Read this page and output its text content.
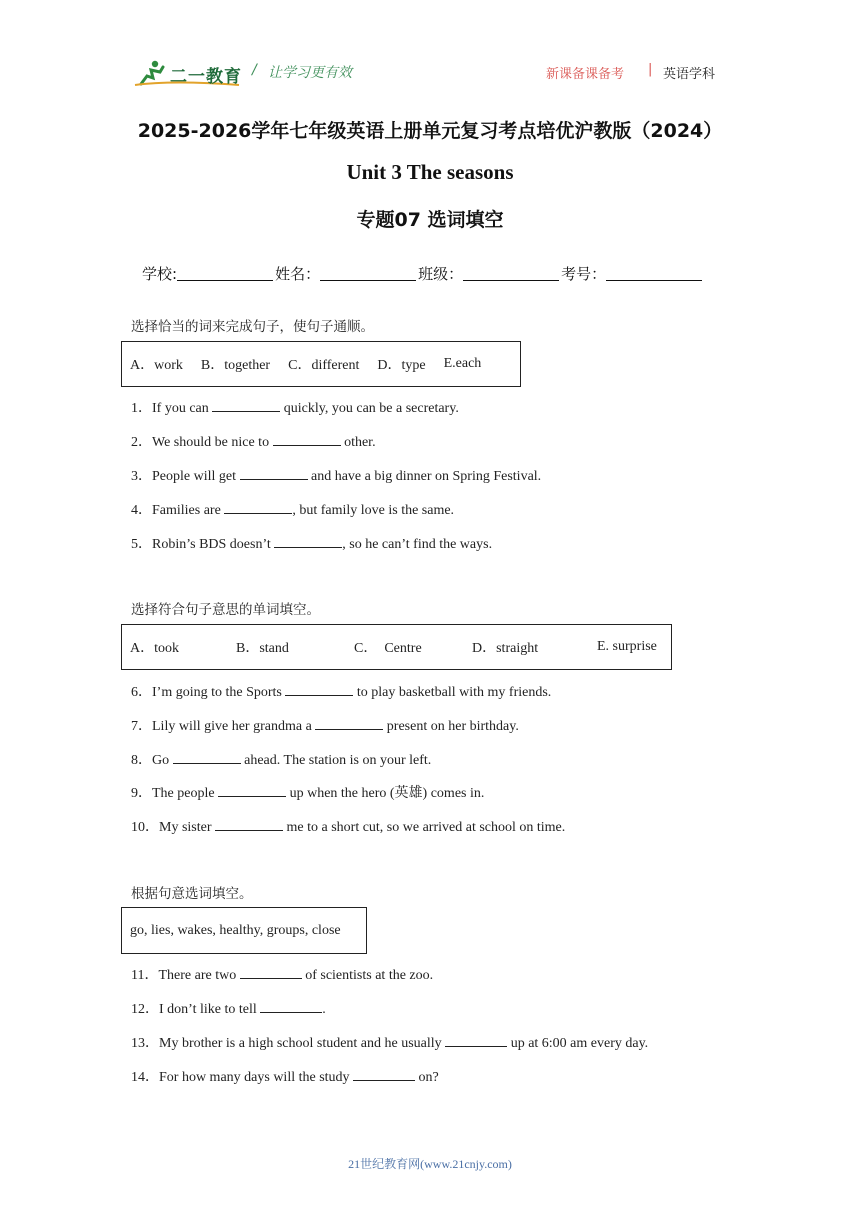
二一教育 / 让学习更有效	新课备课备考 | 英语学科
2025-2026学年七年级英语上册单元复习考点培优沪教版（2024）
Unit 3 The seasons
专题07 选词填空
学校:	姓名：	班级：	考号：
选择恰当的词来完成句子，使句子通顺。
A．work B．together C．different D．type E.each
1．If you can	quickly, you can be a secretary.
2．We should be nice to	other.
3．People will get	and have a big dinner on Spring Festival.
4．Families are	, but family love is the same.
5．Robin’s BDS doesn’t	, so he can’t find the ways.
选择符合句子意思的单词填空。
A．took	B．stand	C．  Centre	D．straight	E. surprise
6．I’m going to the Sports	to play basketball with my friends.
7．Lily will give her grandma a	present on her birthday.
8．Go	ahead. The station is on your left.
9．The people	up when the hero (英雄) comes in.
10．My sister	me to a short cut, so we arrived at school on time.
根据句意选词填空。
go, lies, wakes, healthy, groups, close
11．There are two	of scientists at the zoo.
12．I don’t like to tell	.
13．My brother is a high school student and he usually	up at 6:00 am every day.
14．For how many days will the study	on?
21世纪教育网(www.21cnjy.com)
